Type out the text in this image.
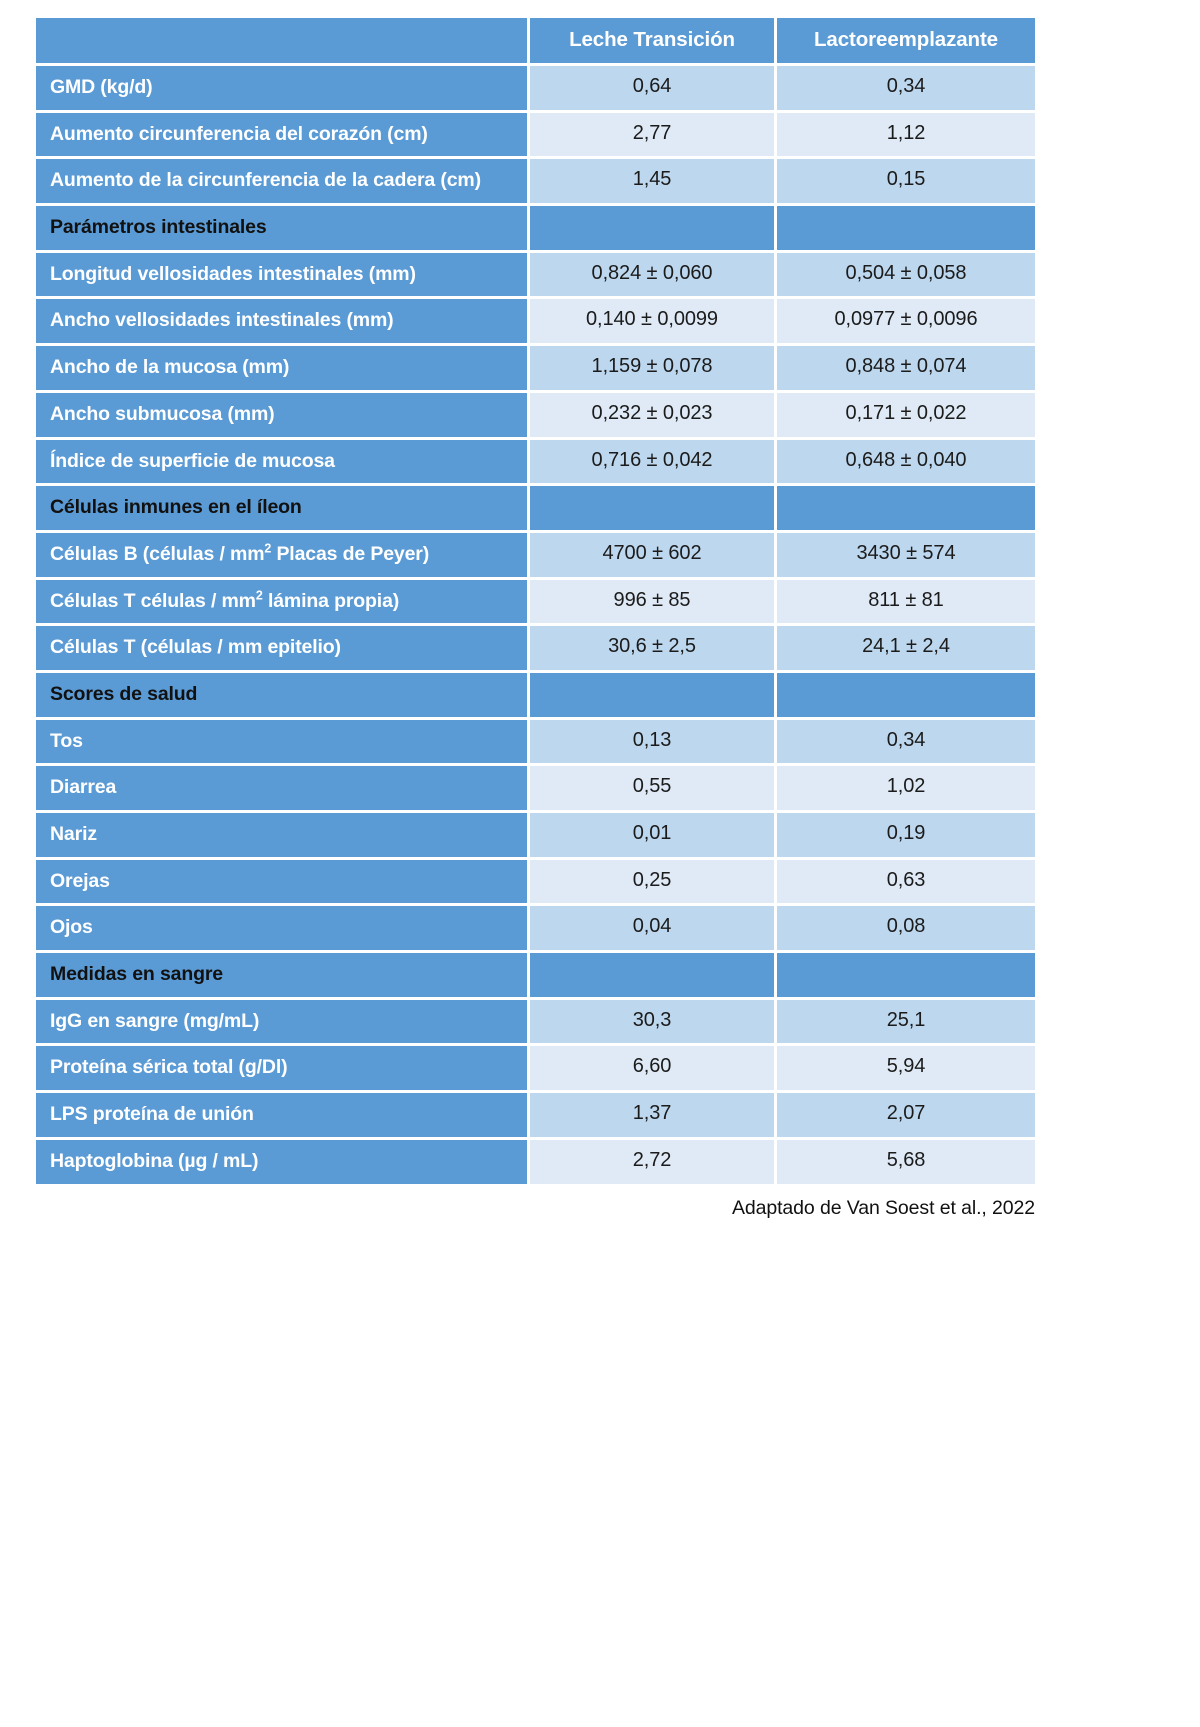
	Leche Transición	Lactoreemplazante
GMD (kg/d)	0,64	0,34
Aumento circunferencia del corazón (cm)	2,77	1,12
Aumento de la circunferencia de la cadera (cm)	1,45	0,15
Parámetros intestinales		
Longitud vellosidades intestinales (mm)	0,824 ± 0,060	0,504 ± 0,058
Ancho vellosidades intestinales (mm)	0,140 ± 0,0099	0,0977 ± 0,0096
Ancho de la mucosa (mm)	1,159 ± 0,078	0,848 ± 0,074
Ancho submucosa (mm)	0,232 ± 0,023	0,171 ± 0,022
Índice de superficie de mucosa	0,716 ± 0,042	0,648 ± 0,040
Células inmunes en el íleon		
Células B (células / $mm^2$ Placas de Peyer)	4700 ± 602	3430 ± 574
Células T células / $mm^2$ lámina propia)	996 ± 85	811 ± 81
Células T (células / mm epitelio)	30,6 ± 2,5	24,1 ± 2,4
Scores de salud		
Tos	0,13	0,34
Diarrea	0,55	1,02
Nariz	0,01	0,19
Orejas	0,25	0,63
Ojos	0,04	0,08
Medidas en sangre		
IgG en sangre (mg/mL)	30,3	25,1
Proteína sérica total (g/Dl)	6,60	5,94
LPS proteína de unión	1,37	2,07
Haptoglobina (µg / mL)	2,72	5,68
Adaptado de Van Soest et al., 2022
